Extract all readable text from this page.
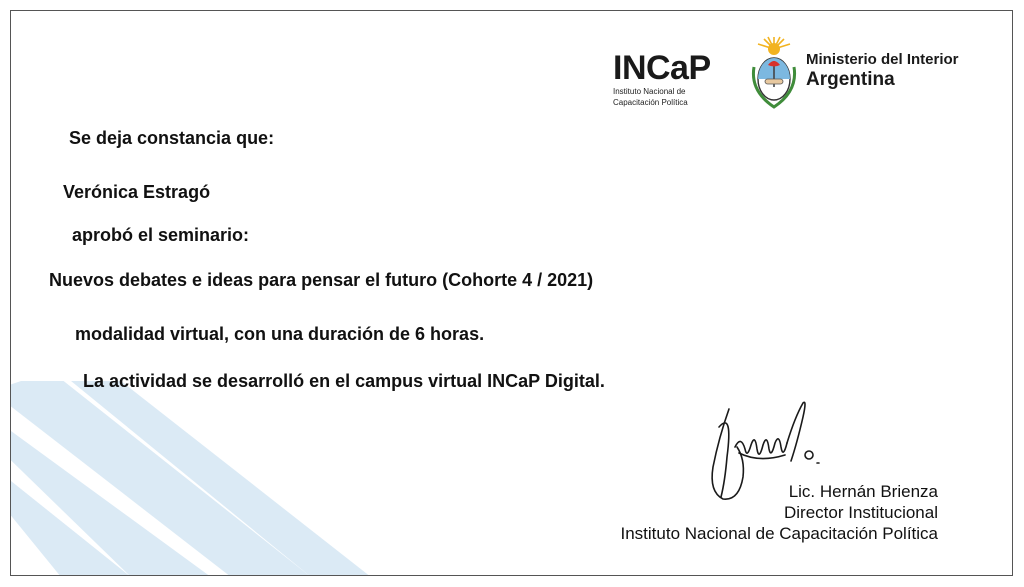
INCaP
Instituto Nacional de
Capacitación Política
Ministerio del Interior
Argentina
Se deja constancia que:
Verónica Estragó
aprobó el seminario:
Nuevos debates e ideas para pensar el futuro (Cohorte 4 / 2021)
modalidad virtual, con una duración de 6 horas.
La actividad se desarrolló en el campus virtual INCaP Digital.
Lic. Hernán Brienza
Director Institucional
Instituto Nacional de Capacitación Política
